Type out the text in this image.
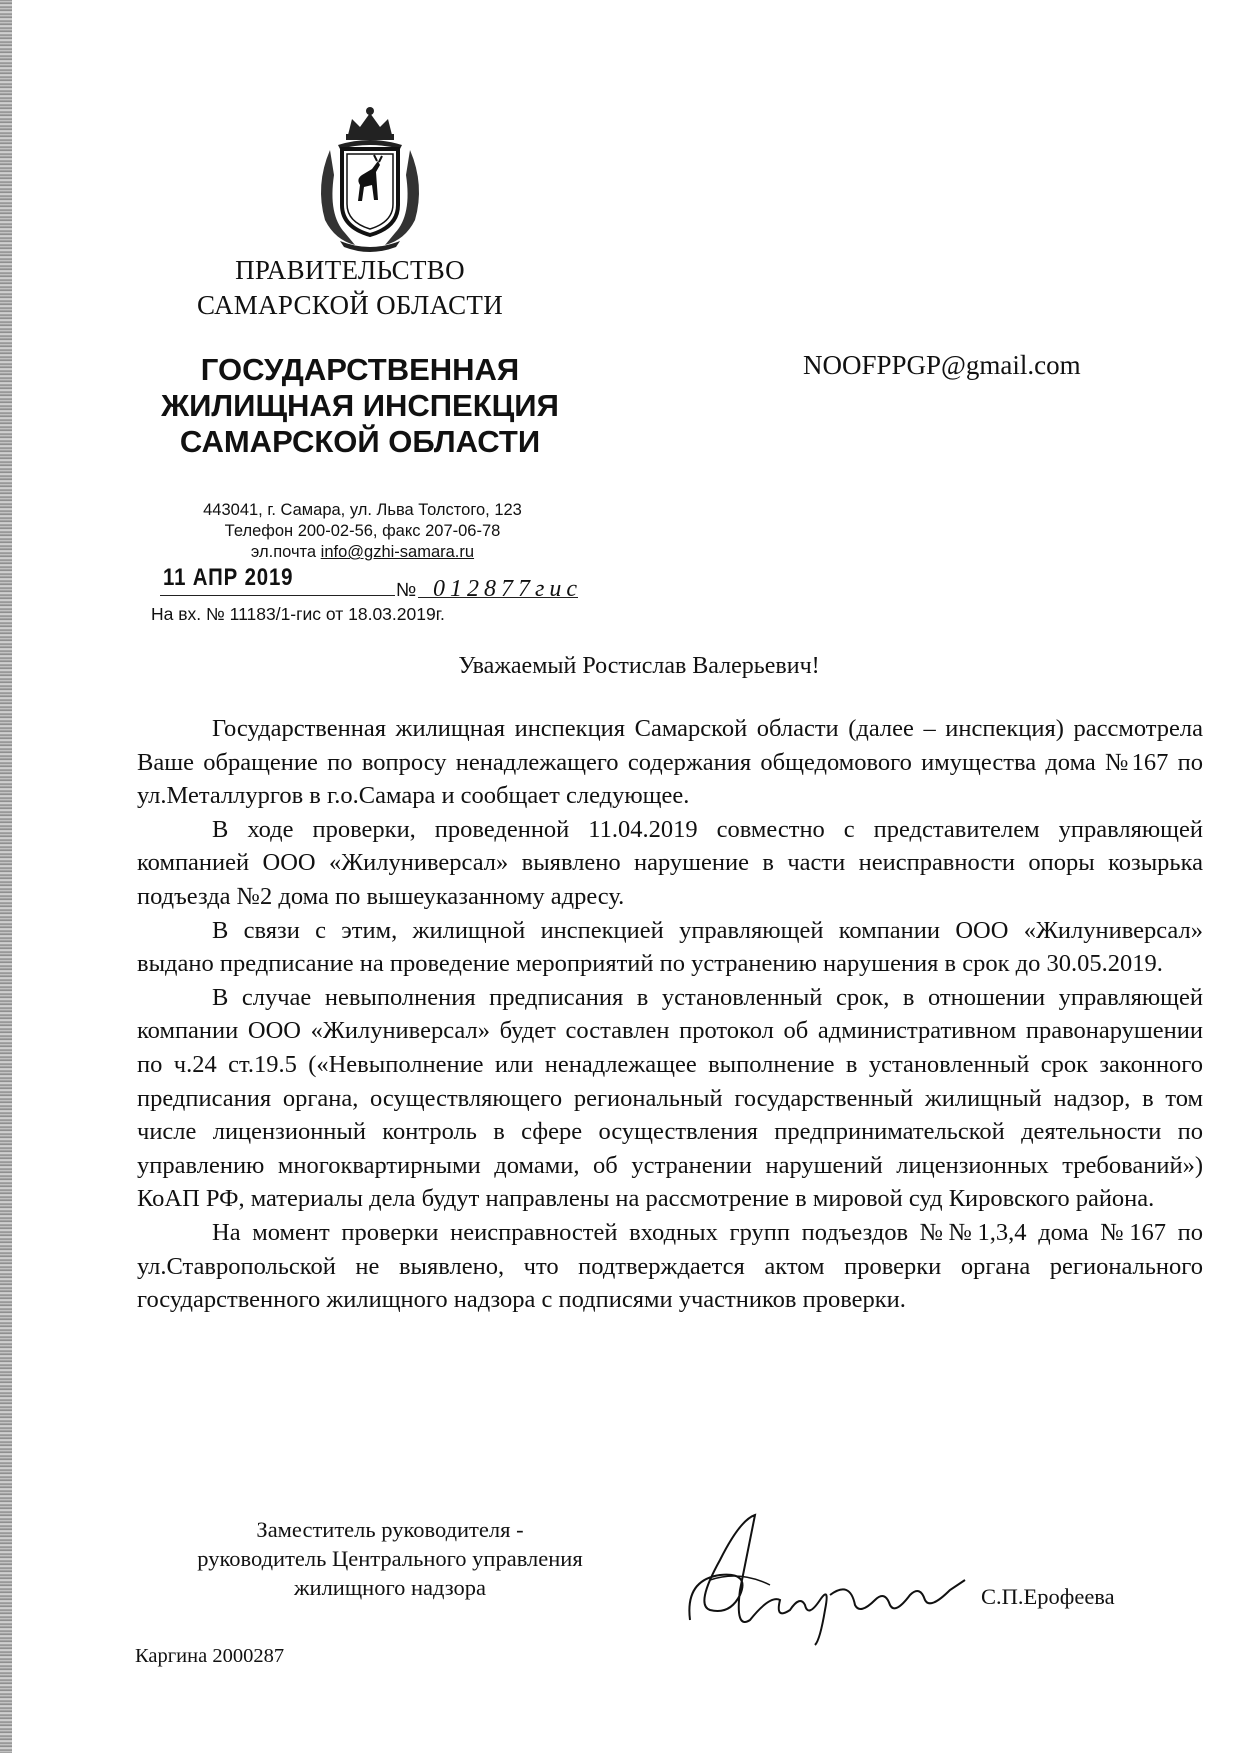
ПРАВИТЕЛЬСТВО
САМАРСКОЙ ОБЛАСТИ
ГОСУДАРСТВЕННАЯ
ЖИЛИЩНАЯ ИНСПЕКЦИЯ
САМАРСКОЙ ОБЛАСТИ
NOOFPPGP@gmail.com
443041, г. Самара, ул. Льва Толстого, 123
Телефон 200-02-56, факс 207-06-78
эл.почта info@gzhi-samara.ru
11 АПР 2019	№ 012877гис
На вх. № 11183/1-гис от 18.03.2019г.
Уважаемый Ростислав Валерьевич!

Государственная жилищная инспекция Самарской области (далее – инспекция) рассмотрела Ваше обращение по вопросу ненадлежащего содержания общедомового имущества дома №167 по ул.Металлургов в г.о.Самара и сообщает следующее.

В ходе проверки, проведенной 11.04.2019 совместно с представителем управляющей компанией ООО «Жилуниверсал» выявлено нарушение в части неисправности опоры козырька подъезда №2 дома по вышеуказанному адресу.

В связи с этим, жилищной инспекцией управляющей компании ООО «Жилуниверсал» выдано предписание на проведение мероприятий по устранению нарушения в срок до 30.05.2019.

В случае невыполнения предписания в установленный срок, в отношении управляющей компании ООО «Жилуниверсал» будет составлен протокол об административном правонарушении по ч.24 ст.19.5 («Невыполнение или ненадлежащее выполнение в установленный срок законного предписания органа, осуществляющего региональный государственный жилищный надзор, в том числе лицензионный контроль в сфере осуществления предпринимательской деятельности по управлению многоквартирными домами, об устранении нарушений лицензионных требований») КоАП РФ, материалы дела будут направлены на рассмотрение в мировой суд Кировского района.

На момент проверки неисправностей входных групп подъездов №№1,3,4 дома №167 по ул.Ставропольской не выявлено, что подтверждается актом проверки органа регионального государственного жилищного надзора с подписями участников проверки.

Заместитель руководителя -
руководитель Центрального управления
жилищного надзора	С.П.Ерофеева
Каргина 2000287
